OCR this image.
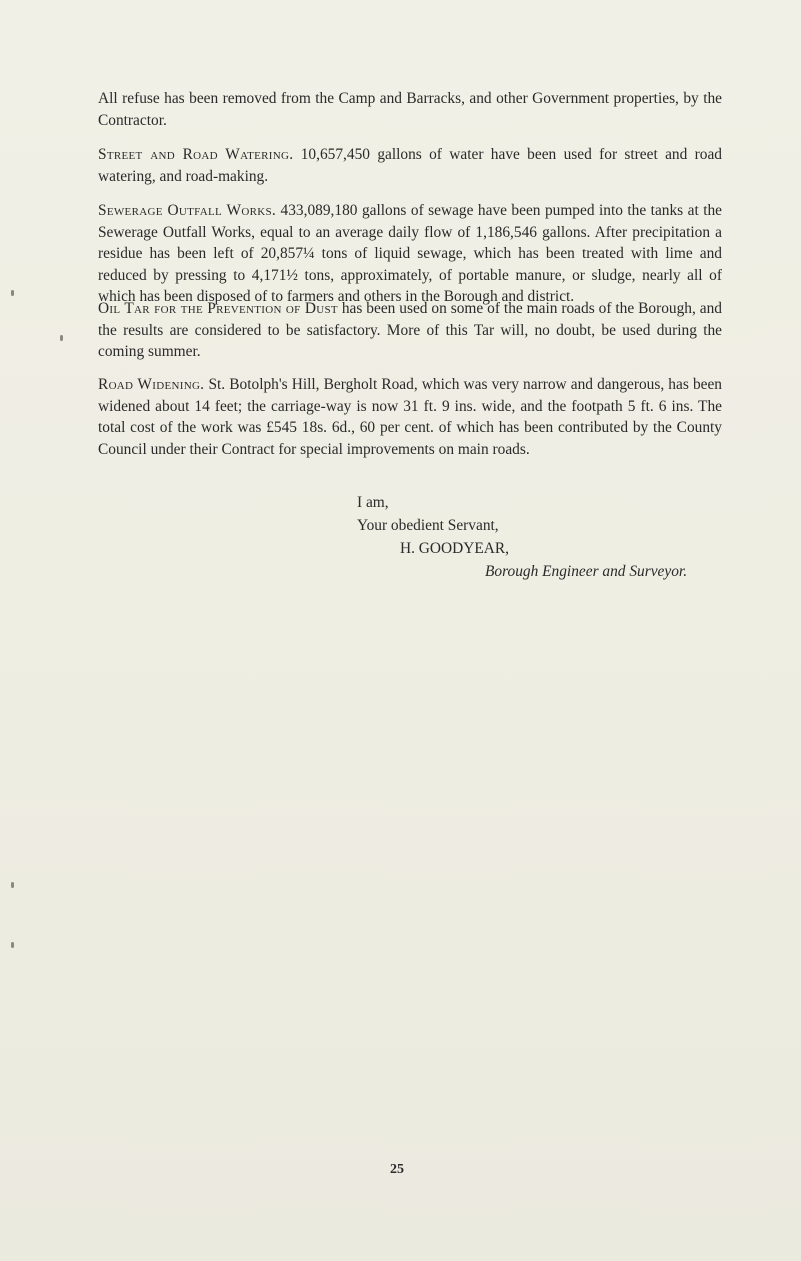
All refuse has been removed from the Camp and Barracks, and other Government properties, by the Contractor.

Street and Road Watering. 10,657,450 gallons of water have been used for street and road watering, and road-making.

Sewerage Outfall Works. 433,089,180 gallons of sewage have been pumped into the tanks at the Sewerage Outfall Works, equal to an average daily flow of 1,186,546 gallons. After precipitation a residue has been left of 20,857¼ tons of liquid sewage, which has been treated with lime and reduced by pressing to 4,171½ tons, approximately, of portable manure, or sludge, nearly all of which has been disposed of to farmers and others in the Borough and district.

Oil Tar for the Prevention of Dust has been used on some of the main roads of the Borough, and the results are considered to be satisfactory. More of this Tar will, no doubt, be used during the coming summer.

Road Widening. St. Botolph's Hill, Bergholt Road, which was very narrow and dangerous, has been widened about 14 feet; the carriage-way is now 31 ft. 9 ins. wide, and the footpath 5 ft. 6 ins. The total cost of the work was £545 18s. 6d., 60 per cent. of which has been contributed by the County Council under their Contract for special improvements on main roads.

I am,
Your obedient Servant,
H. GOODYEAR,
Borough Engineer and Surveyor.
25
